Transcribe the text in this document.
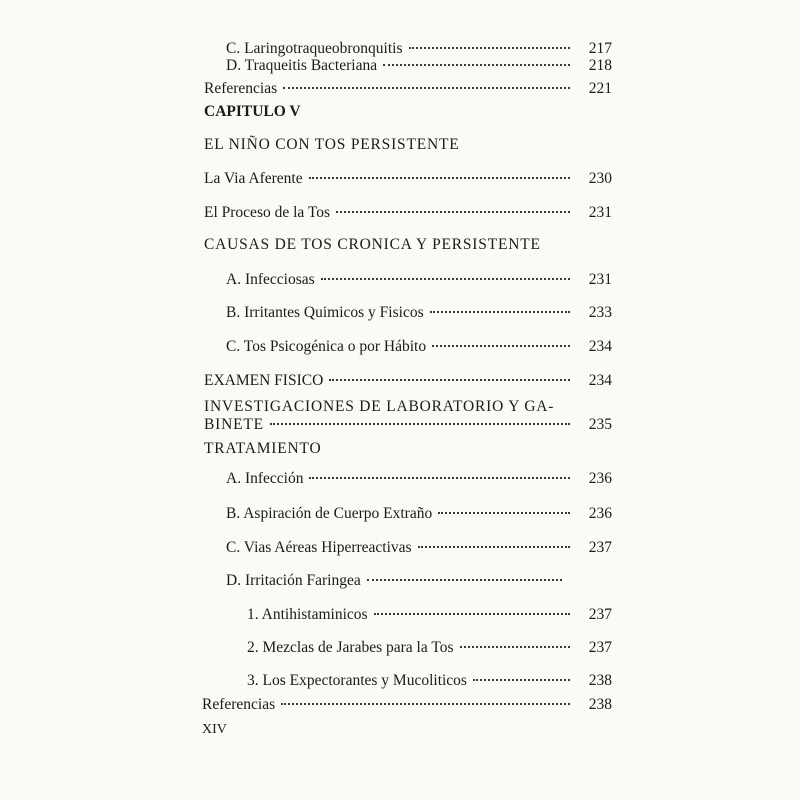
C. Laringotraqueobronquitis	217
D. Traqueitis Bacteriana	218
Referencias	221
CAPITULO V
EL NIÑO CON TOS PERSISTENTE
La Via Aferente	230
El Proceso de la Tos	231
CAUSAS DE TOS CRONICA Y PERSISTENTE
A. Infecciosas	231
B. Irritantes Quimicos y Fisicos	233
C. Tos Psicogénica o por Hábito	234
EXAMEN FISICO	234
INVESTIGACIONES DE LABORATORIO Y GA-
BINETE	235
TRATAMIENTO
A. Infección	236
B. Aspiración de Cuerpo Extraño	236
C. Vias Aéreas Hiperreactivas	237
D. Irritación Faringea
1. Antihistaminicos	237
2. Mezclas de Jarabes para la Tos	237
3. Los Expectorantes y Mucoliticos	238
Referencias	238
XIV
